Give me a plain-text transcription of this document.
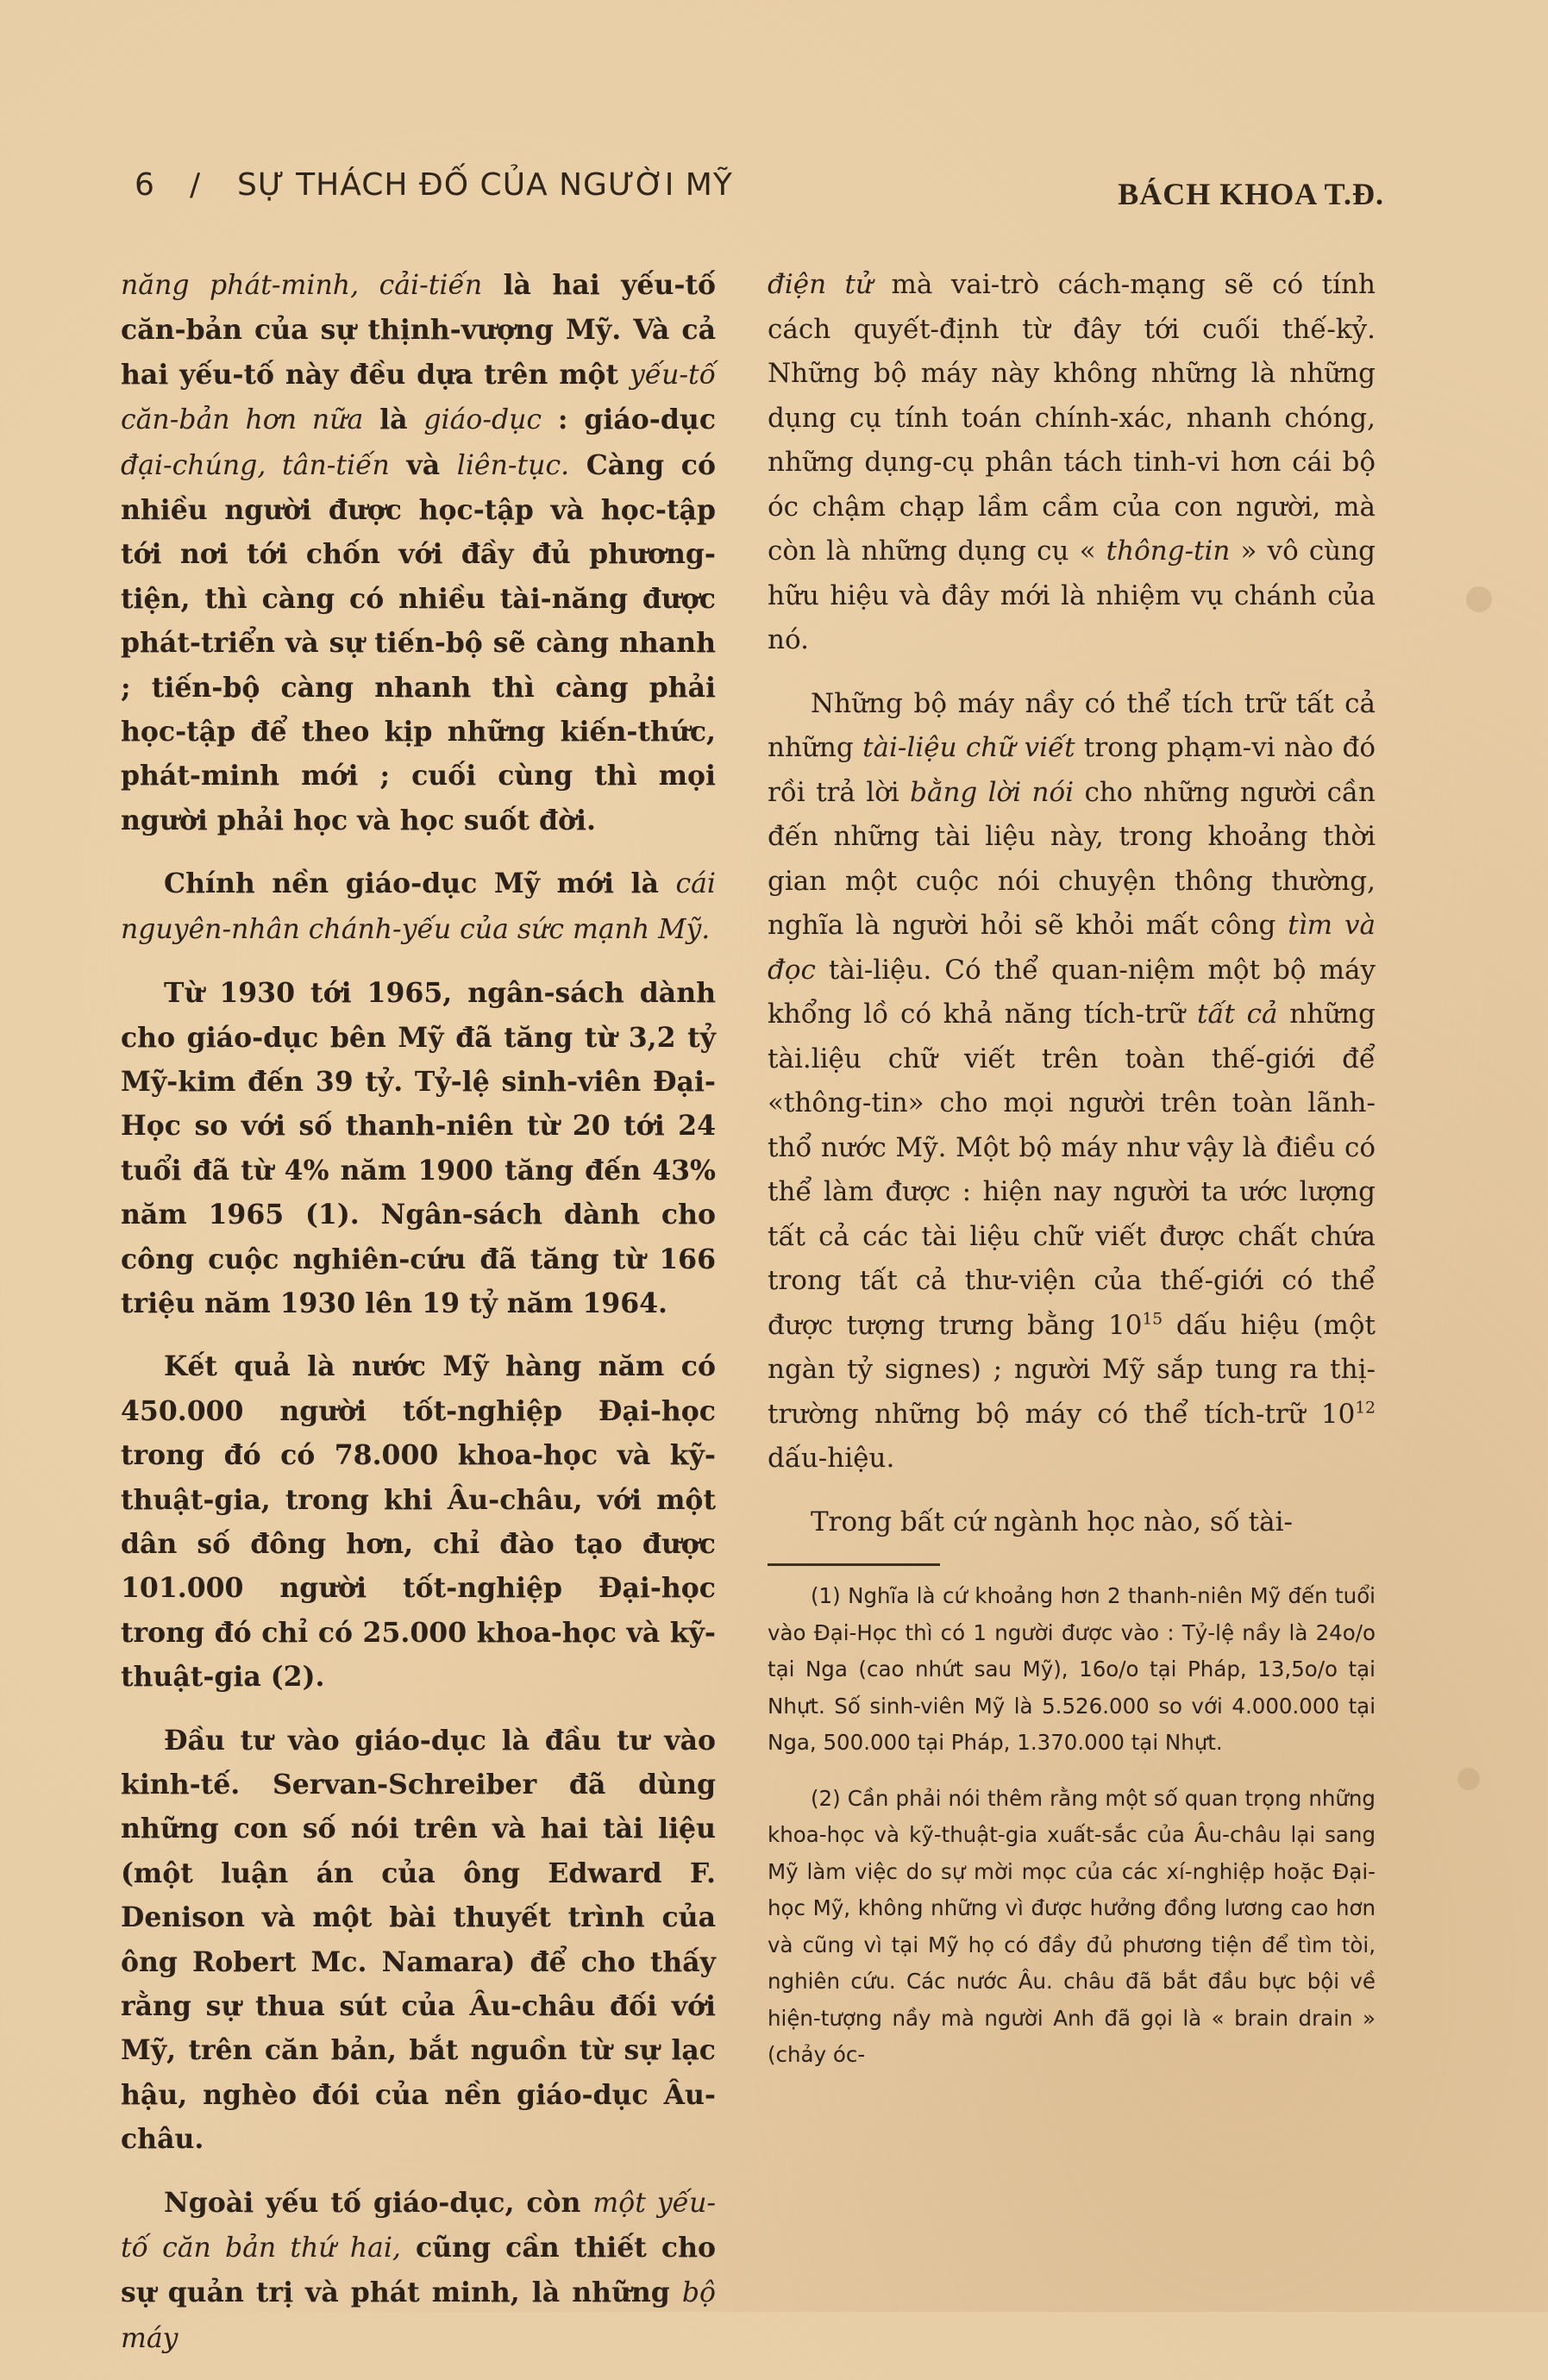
6 / SỰ THÁCH ĐỐ CỦA NGƯỜI MỸ	BÁCH KHOA T.Đ.

năng phát-minh, cải-tiến là hai yếu-tố căn-bản của sự thịnh-vượng Mỹ. Và cả hai yếu-tố này đều dựa trên một yếu-tố căn-bản hơn nữa là giáo-dục : giáo-dục đại-chúng, tân-tiến và liên-tục. Càng có nhiều người được học-tập và học-tập tới nơi tới chốn với đầy đủ phương-tiện, thì càng có nhiều tài-năng được phát-triển và sự tiến-bộ sẽ càng nhanh ; tiến-bộ càng nhanh thì càng phải học-tập để theo kịp những kiến-thức, phát-minh mới ; cuối cùng thì mọi người phải học và học suốt đời.

Chính nền giáo-dục Mỹ mới là cái nguyên-nhân chánh-yếu của sức mạnh Mỹ.

Từ 1930 tới 1965, ngân-sách dành cho giáo-dục bên Mỹ đã tăng từ 3,2 tỷ Mỹ-kim đến 39 tỷ. Tỷ-lệ sinh-viên Đại-Học so với số thanh-niên từ 20 tới 24 tuổi đã từ 4% năm 1900 tăng đến 43% năm 1965 (1). Ngân-sách dành cho công cuộc nghiên-cứu đã tăng từ 166 triệu năm 1930 lên 19 tỷ năm 1964.

Kết quả là nước Mỹ hàng năm có 450.000 người tốt-nghiệp Đại-học trong đó có 78.000 khoa-học và kỹ-thuật-gia, trong khi Âu-châu, với một dân số đông hơn, chỉ đào tạo được 101.000 người tốt-nghiệp Đại-học trong đó chỉ có 25.000 khoa-học và kỹ-thuật-gia (2).

Đầu tư vào giáo-dục là đầu tư vào kinh-tế. Servan-Schreiber đã dùng những con số nói trên và hai tài liệu (một luận án của ông Edward F. Denison và một bài thuyết trình của ông Robert Mc. Namara) để cho thấy rằng sự thua sút của Âu-châu đối với Mỹ, trên căn bản, bắt nguồn từ sự lạc hậu, nghèo đói của nền giáo-dục Âu-châu.

Ngoài yếu tố giáo-dục, còn một yếu-tố căn bản thứ hai, cũng cần thiết cho sự quản trị và phát minh, là những bộ máy

điện tử mà vai-trò cách-mạng sẽ có tính cách quyết-định từ đây tới cuối thế-kỷ. Những bộ máy này không những là những dụng cụ tính toán chính-xác, nhanh chóng, những dụng-cụ phân tách tinh-vi hơn cái bộ óc chậm chạp lầm cầm của con người, mà còn là những dụng cụ « thông-tin » vô cùng hữu hiệu và đây mới là nhiệm vụ chánh của nó.

Những bộ máy nầy có thể tích trữ tất cả những tài-liệu chữ viết trong phạm-vi nào đó rồi trả lời bằng lời nói cho những người cần đến những tài liệu này, trong khoảng thời gian một cuộc nói chuyện thông thường, nghĩa là người hỏi sẽ khỏi mất công tìm và đọc tài-liệu. Có thể quan-niệm một bộ máy khổng lồ có khả năng tích-trữ tất cả những tài.liệu chữ viết trên toàn thế-giới để «thông-tin» cho mọi người trên toàn lãnh-thổ nước Mỹ. Một bộ máy như vậy là điều có thể làm được : hiện nay người ta ước lượng tất cả các tài liệu chữ viết được chất chứa trong tất cả thư-viện của thế-giới có thể được tượng trưng bằng $10^{15}$ dấu hiệu (một ngàn tỷ signes) ; người Mỹ sắp tung ra thị-trường những bộ máy có thể tích-trữ $10^{12}$ dấu-hiệu.

Trong bất cứ ngành học nào, số tài-

(1) Nghĩa là cứ khoảng hơn 2 thanh-niên Mỹ đến tuổi vào Đại-Học thì có 1 người được vào : Tỷ-lệ nầy là 24o/o tại Nga (cao nhứt sau Mỹ), 16o/o tại Pháp, 13,5o/o tại Nhựt. Số sinh-viên Mỹ là 5.526.000 so với 4.000.000 tại Nga, 500.000 tại Pháp, 1.370.000 tại Nhựt.

(2) Cần phải nói thêm rằng một số quan trọng những khoa-học và kỹ-thuật-gia xuất-sắc của Âu-châu lại sang Mỹ làm việc do sự mời mọc của các xí-nghiệp hoặc Đại-học Mỹ, không những vì được hưởng đồng lương cao hơn và cũng vì tại Mỹ họ có đầy đủ phương tiện để tìm tòi, nghiên cứu. Các nước Âu. châu đã bắt đầu bực bội về hiện-tượng nầy mà người Anh đã gọi là « brain drain » (chảy óc-
